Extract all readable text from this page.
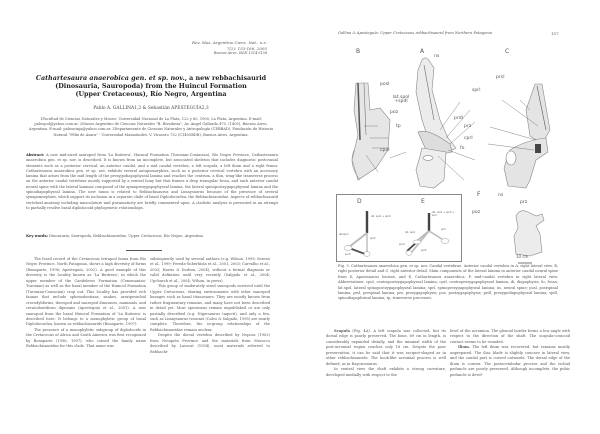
Rev. Mus. Argentino Cienc. Nat., n.s.
7(2): 153-166, 2005
Buenos Aires, ISSN 1514-5158
Cathartesaura anaerobica gen. et sp. nov., a new rebbachisaurid
(Dinosauria, Sauropoda) from the Huincul Formation
(Upper Cretaceous), Río Negro, Argentina
Pablo A. GALLINA1,2 & Sebastián APESTEGUÍA2,3
1Facultad de Ciencias Naturales y Museo- Universidad Nacional de La Plata, 122 y 60, 1900, La Plata, Argentina. E-mail: paleopol@yahoo.com.ar. 2Museo Argentino de Ciencias Naturales "B. Rivadavia", Av. Angel Gallardo 470, (1405), Buenos Aires, Argentina. E-mail: paleoninja@yahoo.com.ar. 3Departamento de Ciencias Naturales y Antropología (CEBBAD), Fundación de Historia Natural "Félix de Azara" - Universidad Maimónides. V. Virasoro 732 (C1405BDB), Buenos Aires, Argentina.
Abstract: A new mid-sized sauropod from 'La Buitrera', Huincul Formation (Turonian-Coniacian), Río Negro Province, Cathartesaura anaerobica gen. et sp. nov. is described. It is known from an incomplete, but associated skeleton that includes diagnostic postcranial elements such as a posterior cervical, an anterior caudal, and a mid caudal vertebra, a left scapula, a left ilium and a right femur. Cathartesaura anaerobica gen. et sp. nov. exhibits several autapomorphies, such as a posterior cervical vertebra with an accessory lamina that arises from the mid length of the prezygodiapophyseal lamina and reaches the centrum, a thin, wing-like transverse process on the anterior caudal vertebrae mostly supported by a ventral bony bar that frames a deep triangular fossa, and each anterior caudal neural spine with the lateral laminae composed of the spinoprezygapophyseal lamina, the lateral spinopostzygapophyseal lamina and the spinodiapophyseal lamina. The new taxon is related to Rebbachisaurus and Limaysaurus because of the presence of several synapomorphies, which support its inclusion in a separate clade of basal Diplodocoidea, the Rebbachisauridae. Aspects of rebbachisaurid vertebral anatomy including musculature and pneumaticity are briefly commented upon. A cladistic analysis is presented in an attempt to partially resolve basal diplodocoid phylogenetic relationships.
Key words: Dinosauria, Sauropoda, Rebbachisauridae, Upper Cretaceous, Río Negro, Argentina.

The fossil record of the Cretaceous tetrapod fauna from Río Negro Province, North Patagonia, shows a high diversity of forms (Bonaparte, 1996; Apesteguía, 2002). A good example of this diversity is the locality known as 'La Buitrera', in which the upper member of the Candeleros Formation (Cenomanian-Turonian) as well as the basal member of the Huincul Formation (Turonian-Coniacian) crop out. This locality has provided rich faunas that include sphenodontians, snakes, araripesuchid crocodyliforms, theropod and sauropod dinosaurs, mammals, and ceratodontiform dipnoans (Apesteguía et al., 2001). A new sauropod from the basal Huincul Formation of 'La Buitrera' is described here. It belongs to a monophyletic group of basal Diplodocoidea, known as rebbachisaurids (Bonaparte, 1997).

The presence of a monophyletic subgroup of diplodocids in the Cretaceous of Africa and South America was first recognized by Bonaparte (1996, 1997), who coined the family name Rebbachisauridae for this clade. That name was

subsequently used by several authors (e.g. Wilson, 1999; Sereno et al., 1999; Pereda-Suberbiola et al., 2001, 2003; Carvalho et al., 2003; Harris & Dodson, 2004), without a formal diagnosis or valid definition until very recently (Salgado et al., 2004; Upchurch et al., 2004; Wilson, in press).

This group of moderately sized sauropods survived until the Upper Cretaceous, sharing environments with other sauropod lineages such as basal titanosaurs. They are mostly known from rather fragmentary remains, and many have not been described in detail yet. Most specimens remain unpublished or are only partially described (e.g. Nigersaurus taqueti), and only a few, such as Limaysaurus tessonei (Calvo & Salgado, 1995) are nearly complete. Therefore, the in-group relationships of the Rebbachisauridae remain unclear.

Despite the dorsal vertebra described by Nopcsa (1902) from Neuquén Province and the materials from Morocco described by Lavocat (1954), most materials referred to Rebbachi-

Gallina & Apesteguía: Upper Cretaceous rebbachisaurid from Northern Patagonia	157
B	A	C
posl
lat.spol +spdl
poz
tp
cpol
ns
sprl
prdl
prz
cprl
fo
prsl
F	ns
prz
poz
10 cm
D	E
lat. spol + spdl
lat.spol
spdl
podl
lat. spol + spdl + sprl
sprl
lat. spol
podl
spdl
Fig. 3. Cathartesaura anaerobica gen. et sp. nov. Caudal vertebrae. Anterior caudal vertebra in A, right lateral view, B, right posterior detail and C, right anterior detail. Main components of the lateral lamina in anterior caudal neural spine from D, Apatosaurus louisae, and E, Cathartesaura anaerobica. F, mid-caudal vertebra in right lateral view. Abbreviations: cpol, centropostzygapophyseal lamina; cprl, centroprezygapophyseal lamina; di, diapophysis; fo, fossa; lat.spol, lateral spinopostzygapophyseal lamina; sprl, spinoprezygapophyseal lamina; ns, neural spine; posl, postspinal lamina; prsl, prespinal lamina; prz, prezygapophysis; poz, postzygapophysis; prdl, prezygodiapophyseal lamina; spdl, spinodiapophiseal lamina; tp, transverse processes.

Scapula (Fig. 4A). A left scapula was collected, but its dorsal edge is poorly preserved. The bone, 69 cm in length, is considerably expanded distally, and the minimal width of the post-acromial region reaches only 16 cm. Despite the poor preservation, it can be said that it was racquet-shaped as in other rebbachisaurids. The hook-like acromial process is well defined, as in Rayososaurus.

In ventral view the shaft exhibits a strong curvature, developed medially with respect to the

level of the acromion. The glenoid border forms a low angle with respect to the direction of the shaft. The scapula-coracoid contact seems to be rounded.

Ilium. The left ilium was recovered, but remains mostly unprepared. The iliac blade is slightly concave in lateral view, and the caudal part is curved outwards. The dorsal edge of the ilium is convex. The postacetabular process and the ischial peduncle are poorly preserved. Although incomplete, the pubic peduncle is devel-
